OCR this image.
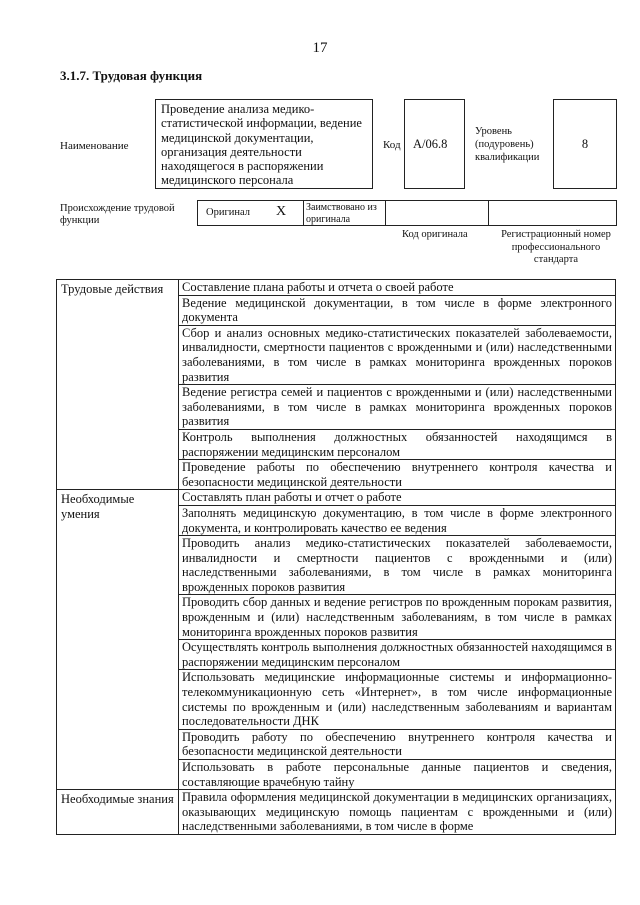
17
3.1.7. Трудовая функция
Наименование
Проведение анализа медико-статистической информации, ведение медицинской документации, организация деятельности находящегося в распоряжении медицинского персонала
Код А/06.8
Уровень (подуровень) квалификации
8
Происхождение трудовой функции
Оригинал X Заимствовано из оригинала
Код оригинала	Регистрационный номер профессионального стандарта
Трудовые действия	Составление плана работы и отчета о своей работе
	Ведение медицинской документации, в том числе в форме электронного документа
	Сбор и анализ основных медико-статистических показателей заболеваемости, инвалидности, смертности пациентов с врожденными и (или) наследственными заболеваниями, в том числе в рамках мониторинга врожденных пороков развития
	Ведение регистра семей и пациентов с врожденными и (или) наследственными заболеваниями, в том числе в рамках мониторинга врожденных пороков развития
	Контроль выполнения должностных обязанностей находящимся в распоряжении медицинским персоналом
	Проведение работы по обеспечению внутреннего контроля качества и безопасности медицинской деятельности
Необходимые умения	Составлять план работы и отчет о работе
	Заполнять медицинскую документацию, в том числе в форме электронного документа, и контролировать качество ее ведения
	Проводить анализ медико-статистических показателей заболеваемости, инвалидности и смертности пациентов с врожденными и (или) наследственными заболеваниями, в том числе в рамках мониторинга врожденных пороков развития
	Проводить сбор данных и ведение регистров по врожденным порокам развития, врожденным и (или) наследственным заболеваниям, в том числе в рамках мониторинга врожденных пороков развития
	Осуществлять контроль выполнения должностных обязанностей находящимся в распоряжении медицинским персоналом
	Использовать медицинские информационные системы и информационно-телекоммуникационную сеть «Интернет», в том числе информационные системы по врожденным и (или) наследственным заболеваниям и вариантам последовательности ДНК
	Проводить работу по обеспечению внутреннего контроля качества и безопасности медицинской деятельности
	Использовать в работе персональные данные пациентов и сведения, составляющие врачебную тайну
Необходимые знания	Правила оформления медицинской документации в медицинских организациях, оказывающих медицинскую помощь пациентам с врожденными и (или) наследственными заболеваниями, в том числе в форме
